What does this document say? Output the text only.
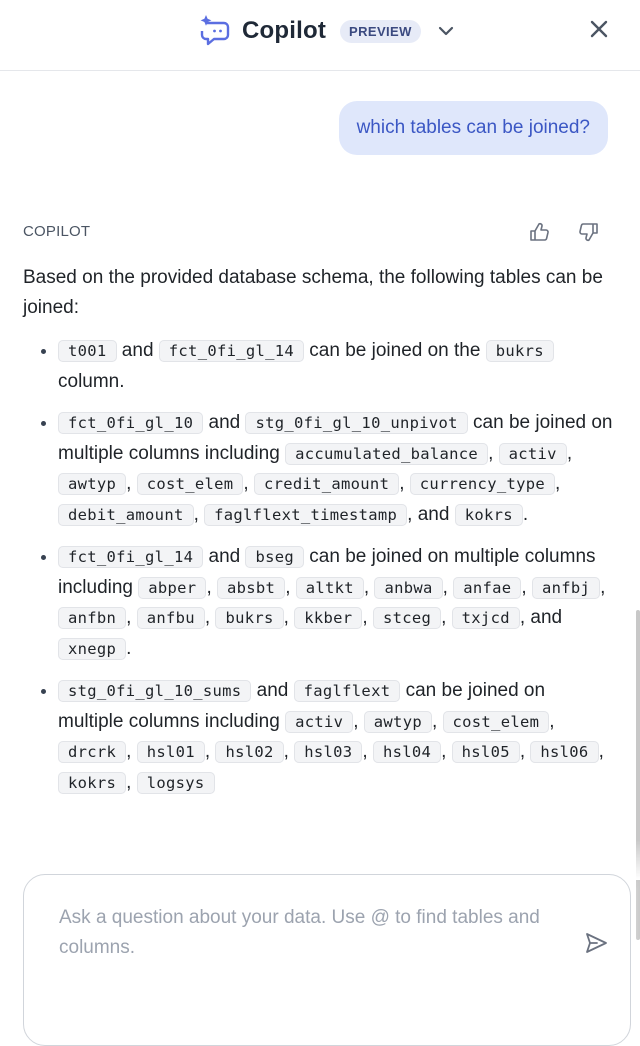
Copilot	PREVIEW
which tables can be joined?
COPILOT

Based on the provided database schema, the following tables can be joined:

• t001 and fct_0fi_gl_14 can be joined on the bukrs column.
• fct_0fi_gl_10 and stg_0fi_gl_10_unpivot can be joined on multiple columns including accumulated_balance , activ , awtyp , cost_elem , credit_amount , currency_type , debit_amount , faglflext_timestamp , and kokrs .
• fct_0fi_gl_14 and bseg can be joined on multiple columns including abper , absbt , altkt , anbwa , anfae , anfbj , anfbn , anfbu , bukrs , kkber , stceg , txjcd , and xnegp .
• stg_0fi_gl_10_sums and faglflext can be joined on multiple columns including activ , awtyp , cost_elem , drcrk , hsl01 , hsl02 , hsl03 , hsl04 , hsl05 , hsl06 , kokrs , logsys
Ask a question about your data. Use @ to find tables and columns.
